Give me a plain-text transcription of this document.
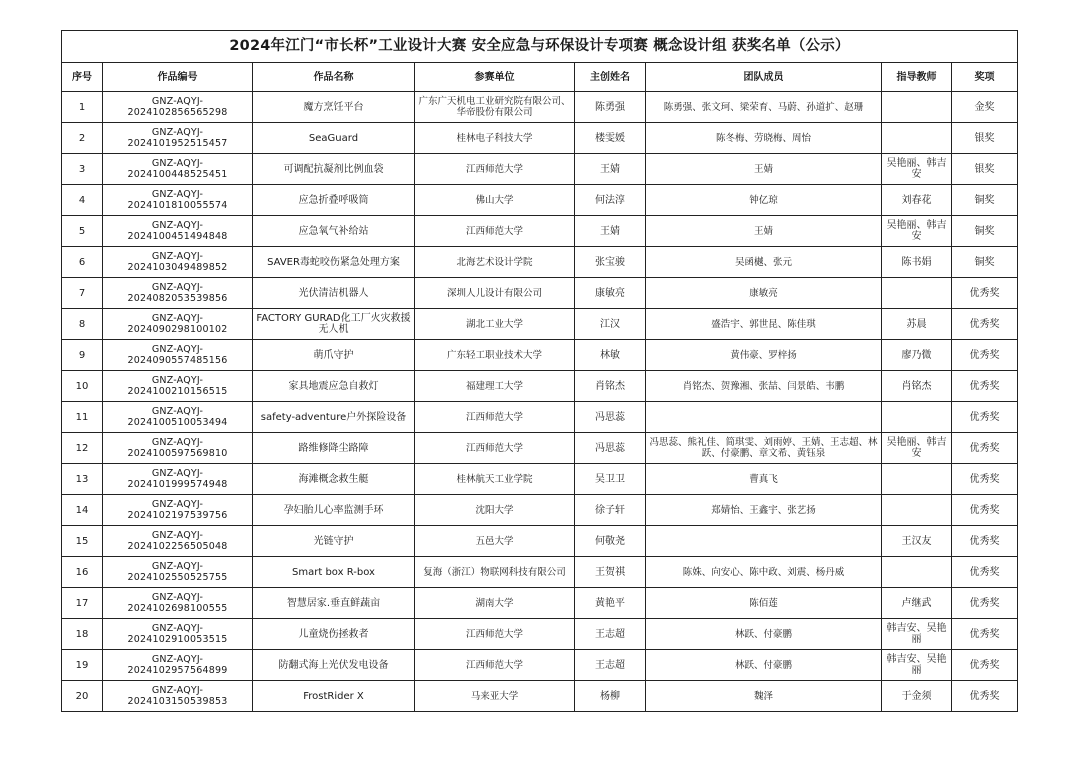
2024年江门“市长杯”工业设计大赛 安全应急与环保设计专项赛 概念设计组 获奖名单（公示）							
序号	作品编号	作品名称	参赛单位	主创姓名	团队成员	指导教师	奖项
1	GNZ-AQYJ-
2024102856565298	魔方烹饪平台	广东广天机电工业研究院有限公司、华帝股份有限公司	陈勇强	陈勇强、张文珂、梁荣育、马蔚、孙道扩、赵珊		金奖
2	GNZ-AQYJ-
2024101952515457	SeaGuard	桂林电子科技大学	楼雯媛	陈冬梅、劳晓梅、周怡		银奖
3	GNZ-AQYJ-
2024100448525451	可调配抗凝剂比例血袋	江西师范大学	王婧	王婧	吴艳丽、韩吉安	银奖
4	GNZ-AQYJ-
2024101810055574	应急折叠呼吸筒	佛山大学	何法淳	钟亿琼	刘春花	铜奖
5	GNZ-AQYJ-
2024100451494848	应急氧气补给站	江西师范大学	王婧	王婧	吴艳丽、韩吉安	铜奖
6	GNZ-AQYJ-
2024103049489852	SAVER毒蛇咬伤紧急处理方案	北海艺术设计学院	张宝骏	吴函樾、张元	陈书娟	铜奖
7	GNZ-AQYJ-
2024082053539856	光伏清洁机器人	深圳人儿设计有限公司	康敏亮	康敏亮		优秀奖
8	GNZ-AQYJ-
2024090298100102	FACTORY GURAD化工厂火灾救援无人机	湖北工业大学	江汉	盛浩宇、郭世昆、陈佳琪	苏晨	优秀奖
9	GNZ-AQYJ-
2024090557485156	萌爪守护	广东轻工职业技术大学	林敏	黄伟豪、罗梓扬	廖乃微	优秀奖
10	GNZ-AQYJ-
2024100210156515	家具地震应急自救灯	福建理工大学	肖铭杰	肖铭杰、贺豫湘、张喆、闫景皓、韦鹏	肖铭杰	优秀奖
11	GNZ-AQYJ-
2024100510053494	safety-adventure户外探险设备	江西师范大学	冯思蕊			优秀奖
12	GNZ-AQYJ-
2024100597569810	路维修降尘路障	江西师范大学	冯思蕊	冯思蕊、熊礼佳、简琪雯、刘雨婷、王婧、王志超、林跃、付豪鹏、章文希、黄钰泉	吴艳丽、韩吉安	优秀奖
13	GNZ-AQYJ-
2024101999574948	海滩概念救生艇	桂林航天工业学院	吴卫卫	曹真飞		优秀奖
14	GNZ-AQYJ-
2024102197539756	孕妇胎儿心率监测手环	沈阳大学	徐子轩	郑婧怡、王鑫宇、张艺扬		优秀奖
15	GNZ-AQYJ-
2024102256505048	光链守护	五邑大学	何敬尧		王汉友	优秀奖
16	GNZ-AQYJ-
2024102550525755	Smart box R-box	复海（浙江）物联网科技有限公司	王贺祺	陈姝、向安心、陈中政、刘震、杨丹威		优秀奖
17	GNZ-AQYJ-
2024102698100555	智慧居家.垂直鲜蔬亩	湖南大学	黄艳平	陈佰莲	卢继武	优秀奖
18	GNZ-AQYJ-
2024102910053515	儿童烧伤拯救者	江西师范大学	王志超	林跃、付豪鹏	韩吉安、吴艳丽	优秀奖
19	GNZ-AQYJ-
2024102957564899	防翻式海上光伏发电设备	江西师范大学	王志超	林跃、付豪鹏	韩吉安、吴艳丽	优秀奖
20	GNZ-AQYJ-
2024103150539853	FrostRider X	马来亚大学	杨柳	魏泽	于金须	优秀奖
